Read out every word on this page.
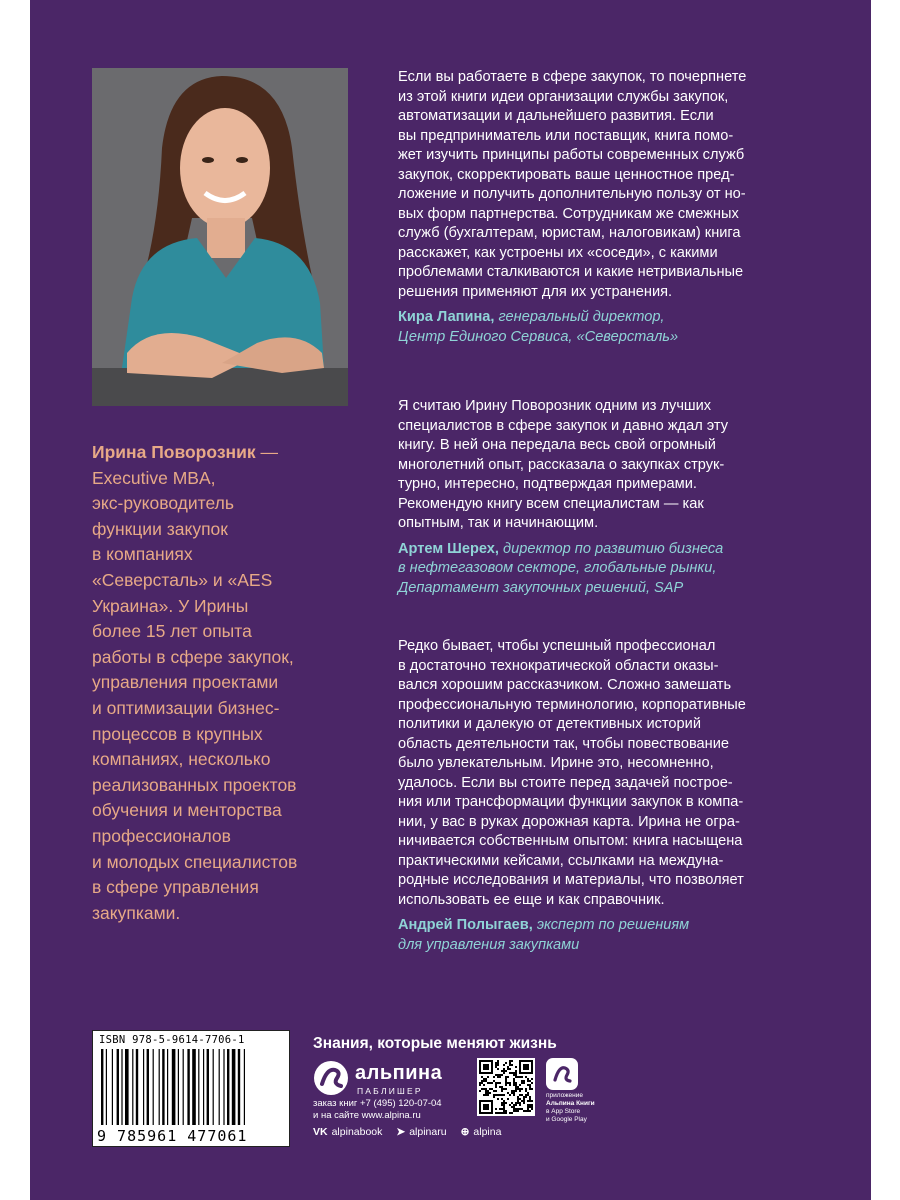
Ирина Поворозник —
Executive MBA,
экс-руководитель
функции закупок
в компаниях
«Северсталь» и «AES
Украина». У Ирины
более 15 лет опыта
работы в сфере закупок,
управления проектами
и оптимизации бизнес-
процессов в крупных
компаниях, несколько
реализованных проектов
обучения и менторства
профессионалов
и молодых специалистов
в сфере управления
закупками.

Если вы работаете в сфере закупок, то почерпнете
из этой книги идеи организации службы закупок,
автоматизации и дальнейшего развития. Если
вы предприниматель или поставщик, книга помо-
жет изучить принципы работы современных служб
закупок, скорректировать ваше ценностное пред-
ложение и получить дополнительную пользу от но-
вых форм партнерства. Сотрудникам же смежных
служб (бухгалтерам, юристам, налоговикам) книга
расскажет, как устроены их «соседи», с какими
проблемами сталкиваются и какие нетривиальные
решения применяют для их устранения.

Кира Лапина, генеральный директор,
Центр Единого Сервиса, «Северсталь»

Я считаю Ирину Поворозник одним из лучших
специалистов в сфере закупок и давно ждал эту
книгу. В ней она передала весь свой огромный
многолетний опыт, рассказала о закупках струк-
турно, интересно, подтверждая примерами.
Рекомендую книгу всем специалистам — как
опытным, так и начинающим.

Артем Шерех, директор по развитию бизнеса
в нефтегазовом секторе, глобальные рынки,
Департамент закупочных решений, SAP

Редко бывает, чтобы успешный профессионал
в достаточно технократической области оказы-
вался хорошим рассказчиком. Сложно замешать
профессиональную терминологию, корпоративные
политики и далекую от детективных историй
область деятельности так, чтобы повествование
было увлекательным. Ирине это, несомненно,
удалось. Если вы стоите перед задачей построе-
ния или трансформации функции закупок в компа-
нии, у вас в руках дорожная карта. Ирина не огра-
ничивается собственным опытом: книга насыщена
практическими кейсами, ссылками на междуна-
родные исследования и материалы, что позволяет
использовать ее еще и как справочник.

Андрей Полыгаев, эксперт по решениям
для управления закупками
ISBN 978-5-9614-7706-1
9 785961 477061
Знания, которые меняют жизнь
альпина
ПАБЛИШЕР
заказ книг +7 (495) 120-07-04
и на сайте www.alpina.ru
приложение
Альпина Книги
в App Store
и Google Play
VK alpinabook ➤ alpinaru ⊕ alpina
